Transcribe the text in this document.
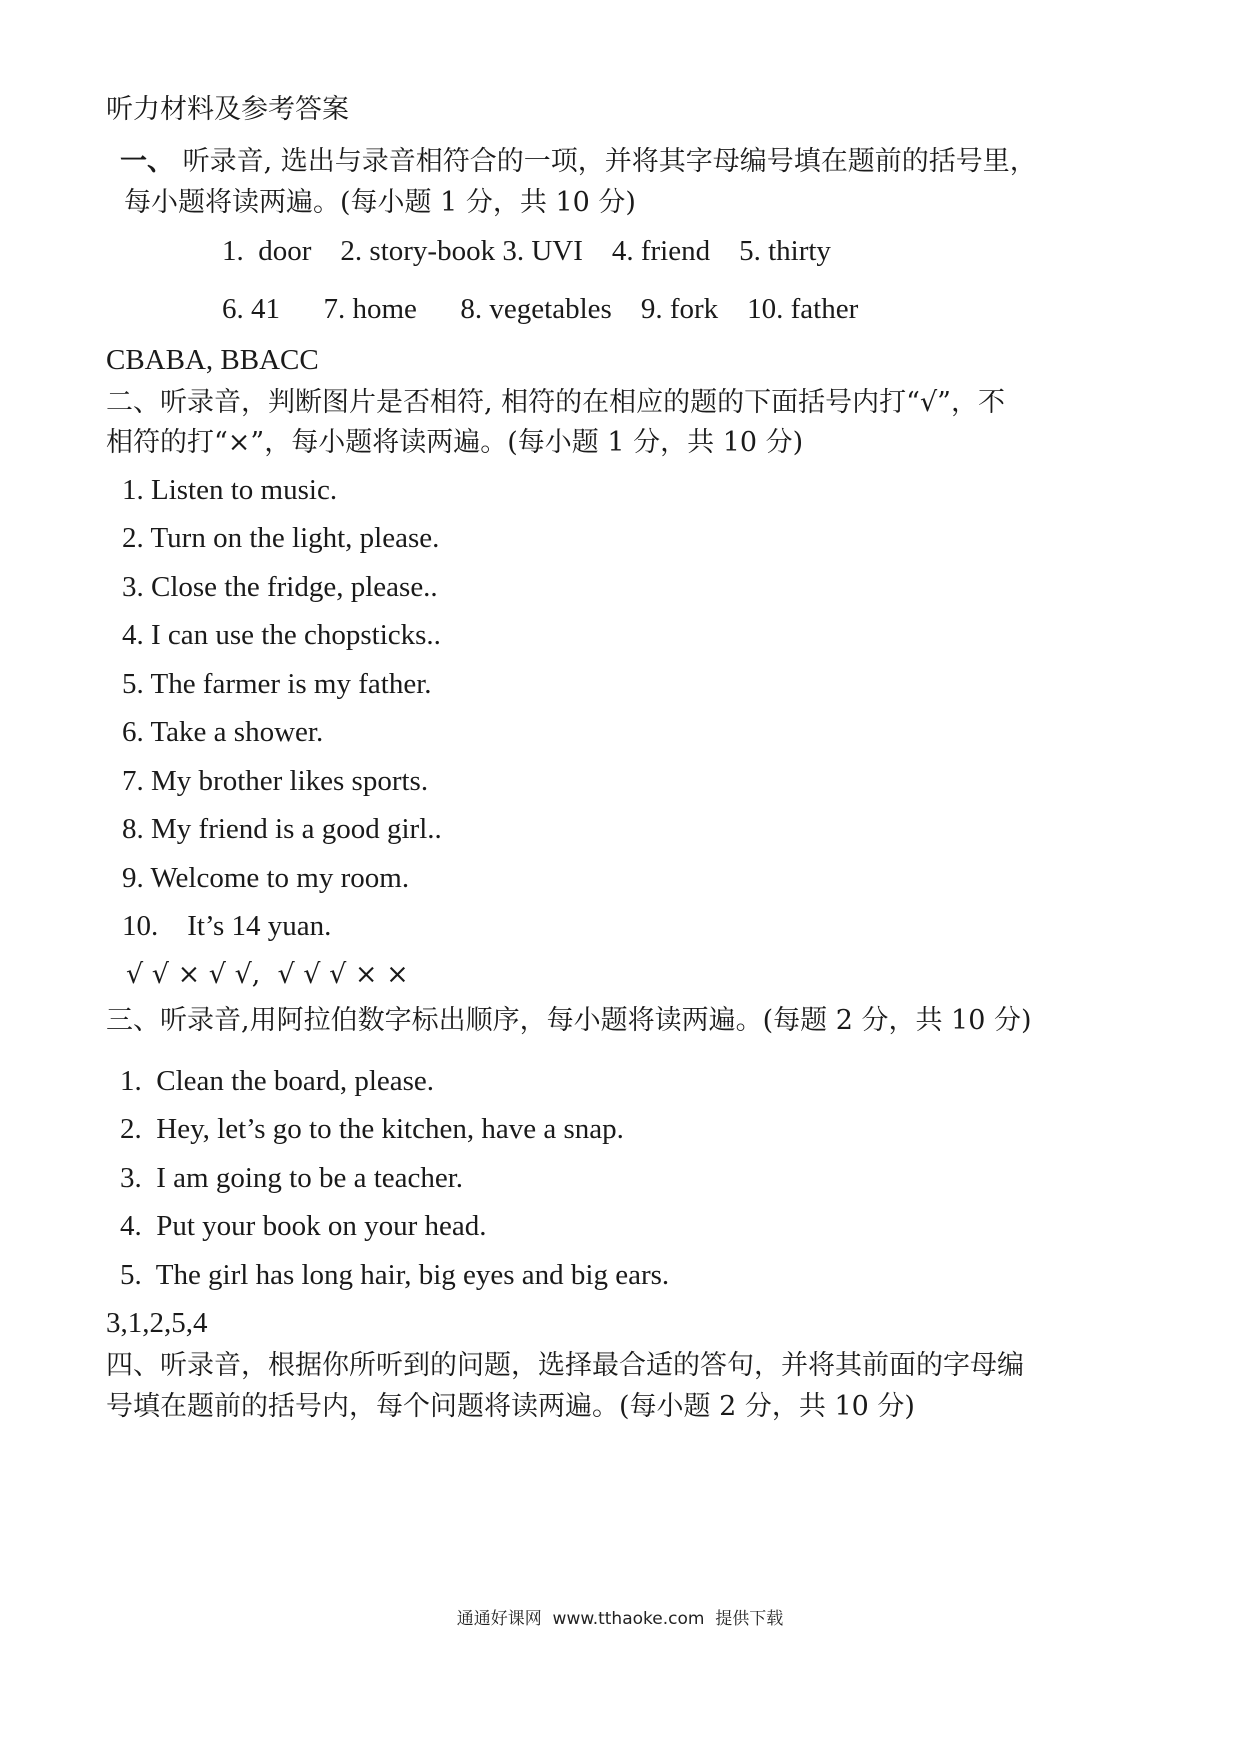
听力材料及参考答案
一、 听录音, 选出与录音相符合的一项，并将其字母编号填在题前的括号里，
每小题将读两遍。(每小题 1 分，共 10 分)
1.  door    2. story-book 3. UVI    4. friend    5. thirty
6. 41      7. home      8. vegetables    9. fork    10. father
CBABA, BBACC
二、听录音，判断图片是否相符, 相符的在相应的题的下面括号内打“√”，不
相符的打“×”，每小题将读两遍。(每小题 1 分，共 10 分)
1. Listen to music.
2. Turn on the light, please.
3. Close the fridge, please..
4. I can use the chopsticks..
5. The farmer is my father.
6. Take a shower.
7. My brother likes sports.
8. My friend is a good girl..
9. Welcome to my room.
10.    It’s 14 yuan.
√ √ × √ √,  √ √ √ × ×
三、听录音,用阿拉伯数字标出顺序，每小题将读两遍。(每题 2 分，共 10 分)
1.  Clean the board, please.
2.  Hey, let’s go to the kitchen, have a snap.
3.  I am going to be a teacher.
4.  Put your book on your head.
5.  The girl has long hair, big eyes and big ears.
3,1,2,5,4
四、听录音，根据你所听到的问题，选择最合适的答句，并将其前面的字母编
号填在题前的括号内，每个问题将读两遍。(每小题 2 分，共 10 分)
通通好课网  www.tthaoke.com  提供下载
